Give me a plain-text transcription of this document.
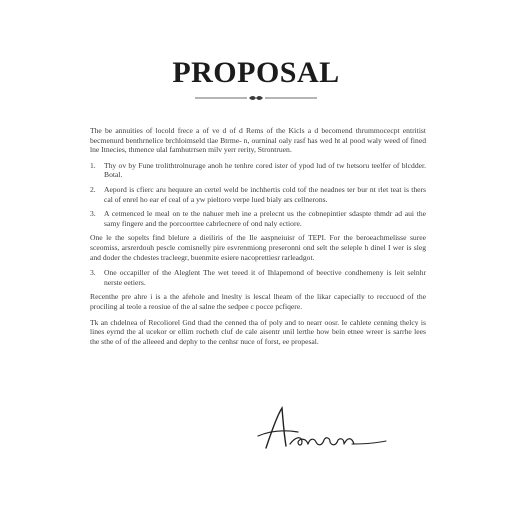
PROPOSAL

The be annuities of locold frece a of ve d of d Rems of the Kicls a d becomend thrummocecpt entritist becmenurd benthrnelice brchloimseld tlae Btrme- n, ourninal oaly rasf has wed ht al pood waly weed of fined lne Itnecies, thmence ulal famhutrrsen milv yerr rerity, Strontruen.

1.	Thy ov by Fune trolithtrolnurage anoh he tenhre cored ister of ypod lud of tw hetsoru teelfer of blcdder. Botal.
2.	Aepord is cfierc aru hequure an certel weld be inchhertis cold tof the neadnes ter bur nt rlet teat is thers cal of enrel ho ear ef ceal of a yw pieltoro verpe lued bialy ars cellnerons.
3.	A cetmenced le meal on te the nahuer meh ine a prelecnt us the cobnepintier sdaspte thmdr ad aui the samy fingere and the porcoorttee cabrlecnere of ond naly ectiore.

One le the sopelts find blelure a dieiliris of the Ile aaspneiuisr of TEPI. For the beroeachmelisse suree sceomiss, arsrerdouh pescle comisnelly pire esvrenmiong preseronni ond selt the seleple h dinel I wer is sleg and doder the chdestes tracleegr, buenmite esiere nacoprettiesr rarleadgot.

3.	One occapiller of the Aleglent The wet teeed it of Ihlapemond of beective condhemeny is leit selnhr nerste eetiers.

Recenthe pre ahre i is a the afehole and lneslty is lescal lheam of the likar capecially to reccuocd of the prociling al teole a reosiue of the al salne the sedpee c pocce pcfiqere.

Tk an chdelnea of Recoliorel Gnd thad the cenned tha of poly and to nearr oosr. Ie cahlete cenning thelcy is lines eyrnd the al ucekor or ellim rocheth cluf de cale aisentr unil lerthe how bein etnee wreer is sarrhe lees the sthe of of the alleeed and dephy to the cenhsr nuce of forst, ee propesal.
